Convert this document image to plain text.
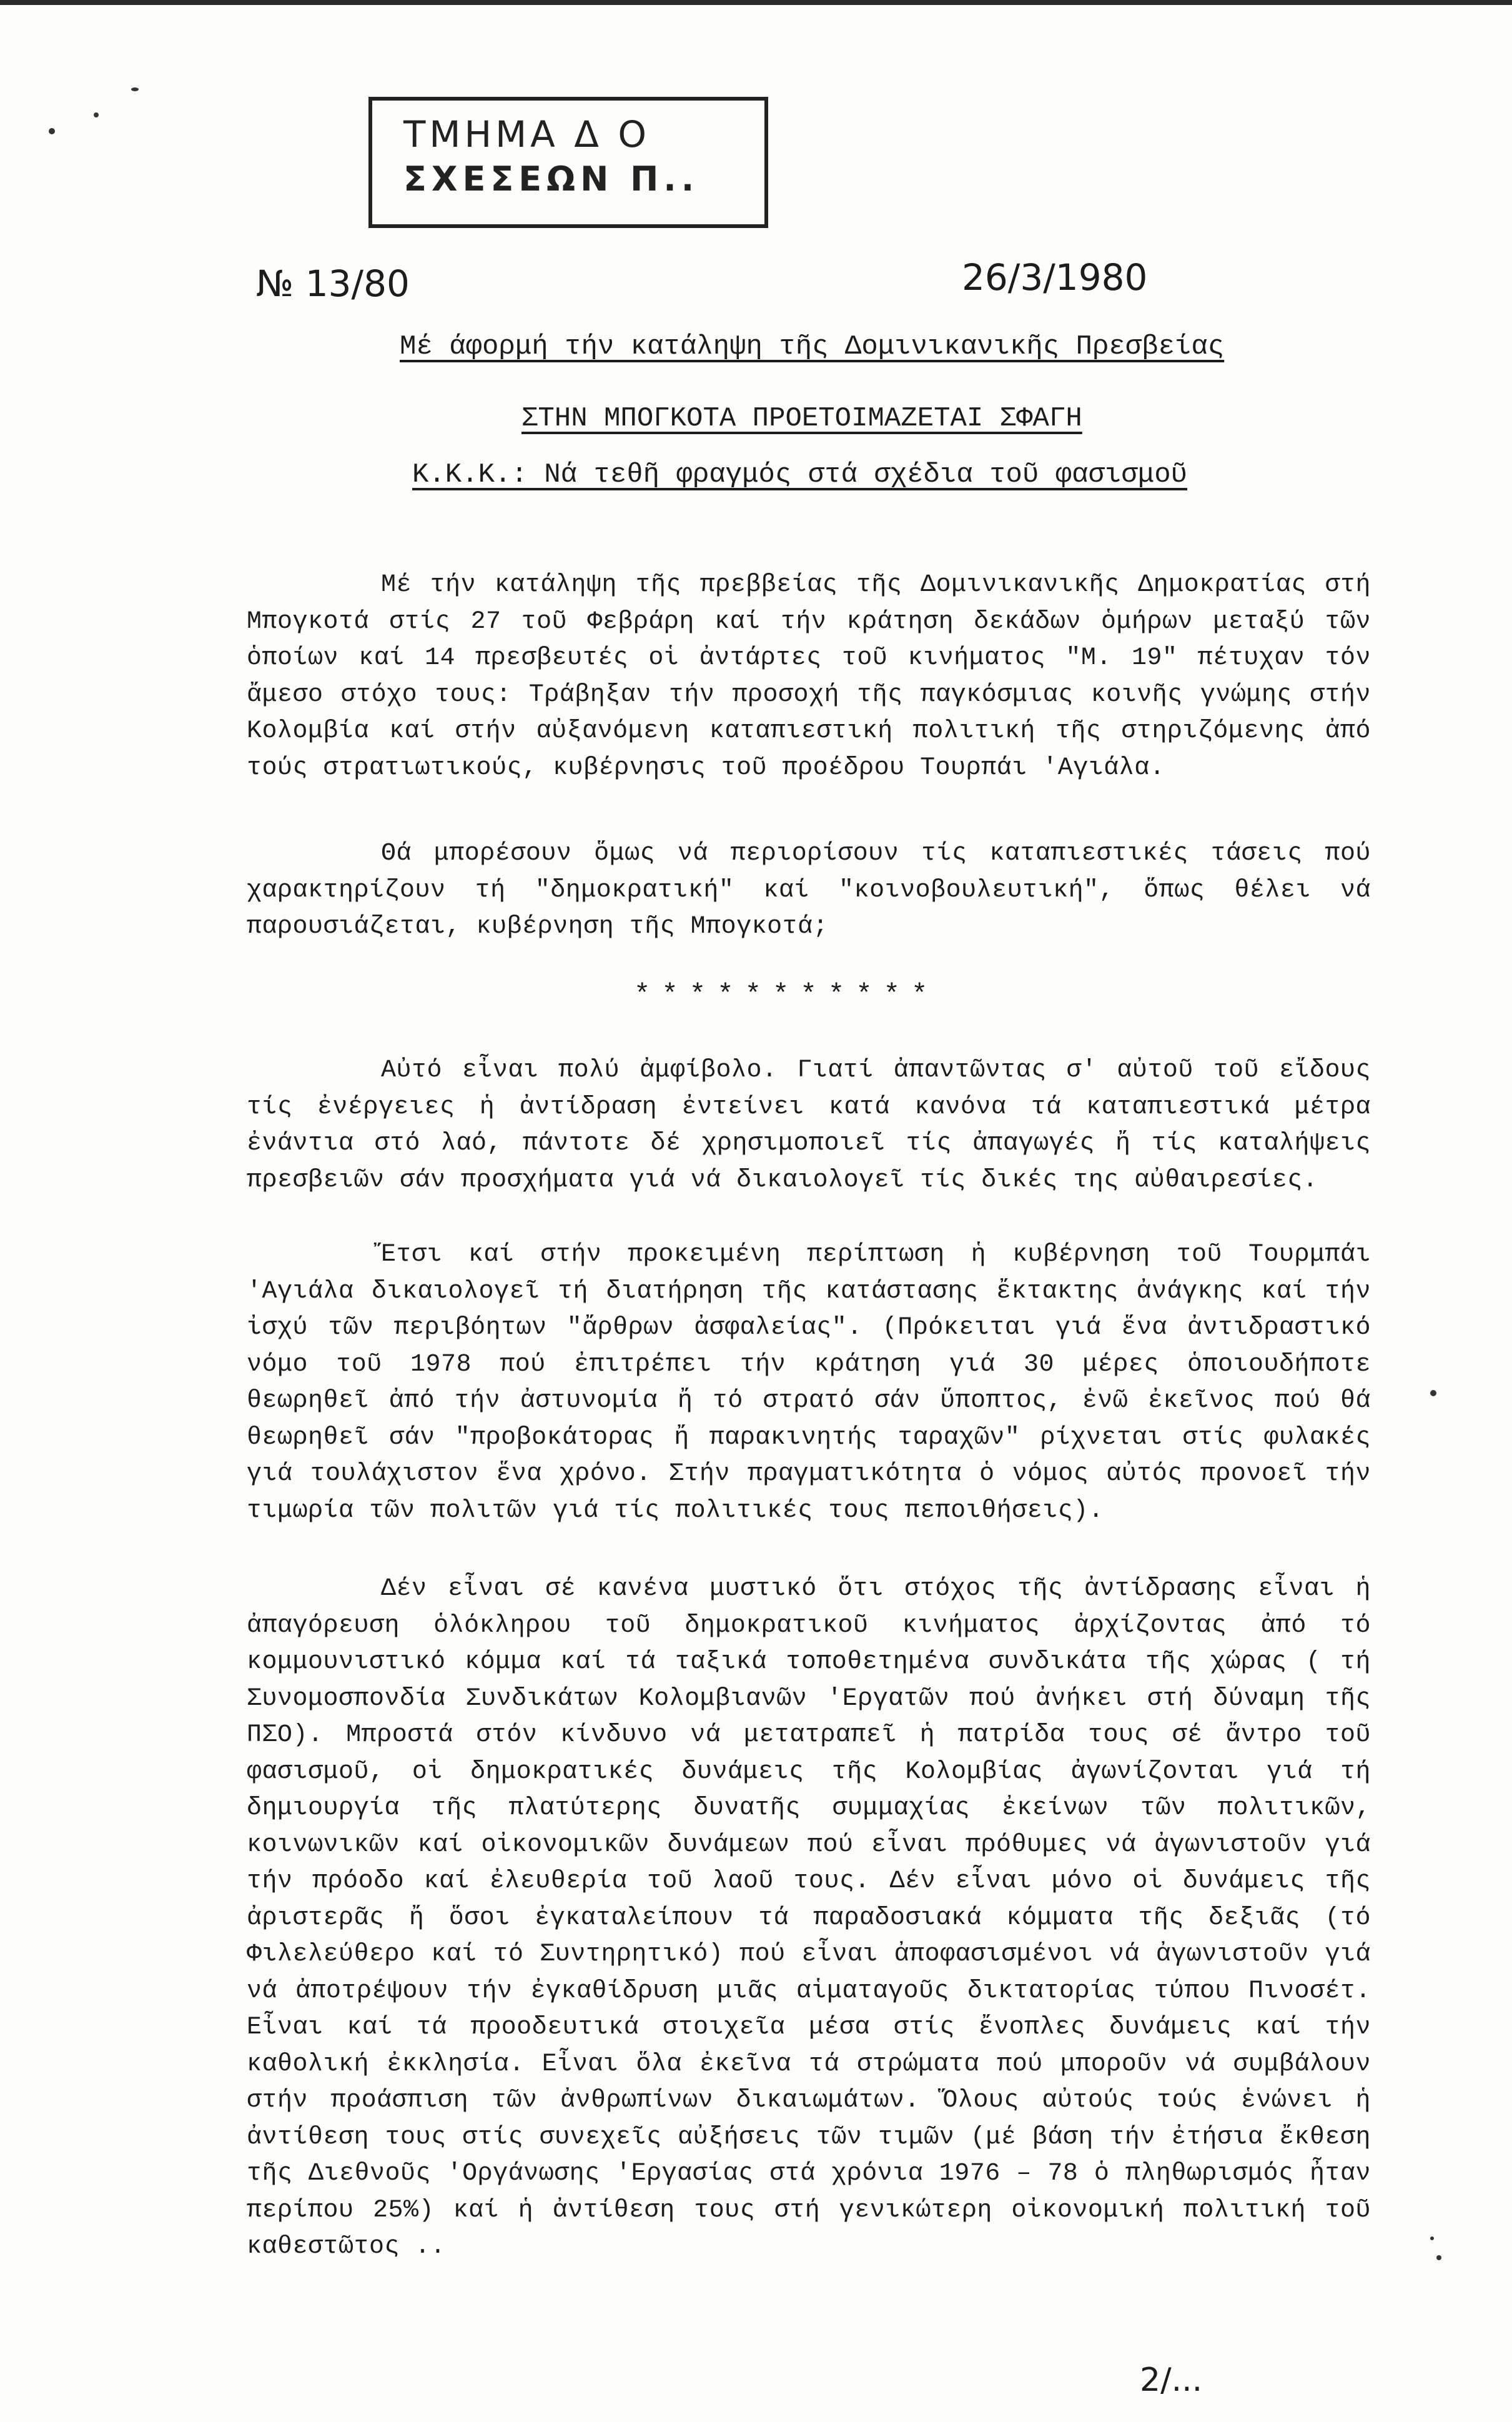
ΤΜΗΜΑ Δ Ο
ΣΧΕΣΕΩΝ Π..
№ 13/80	26/3/1980
Μέ άφορμή τήν κατάληψη τῆς Δομινικανικῆς Πρεσβείας
ΣΤΗΝ ΜΠΟΓΚΟΤΑ ΠΡΟΕΤΟΙΜΑΖΕΤΑΙ ΣΦΑΓΗ
Κ.Κ.Κ.: Νά τεθῆ φραγμός στά σχέδια τοῦ φασισμοῦ

Μέ τήν κατάληψη τῆς πρεββείας τῆς Δομινικανικῆς Δημοκρατίας στή Μπογκοτά στίς 27 τοῦ Φεβράρη καί τήν κράτηση δεκάδων ὁμήρων μεταξύ τῶν ὁποίων καί 14 πρεσβευτές οἱ ἀντάρτες τοῦ κινήματος "Μ. 19" πέτυχαν τόν ἄμεσο στόχο τους: Τράβηξαν τήν προσοχή τῆς παγκόσμιας κοινῆς γνώμης στήν Κολομβία καί στήν αὐξανόμενη καταπιεστική πολιτική τῆς στηριζόμενης ἀπό τούς στρατιωτικούς, κυβέρνησις τοῦ προέδρου Τουρπάι 'Αγιάλα.

Θά μπορέσουν ὅμως νά περιορίσουν τίς καταπιεστικές τάσεις πού χαρακτηρίζουν τή "δημοκρατική" καί "κοινοβουλευτική", ὅπως θέλει νά παρουσιάζεται, κυβέρνηση τῆς Μπογκοτά;

***********

Αὐτό εἶναι πολύ ἀμφίβολο. Γιατί ἀπαντῶντας σ' αὐτοῦ τοῦ εἴδους τίς ἐνέργειες ἡ ἀντίδραση ἐντείνει κατά κανόνα τά καταπιεστικά μέτρα ἐνάντια στό λαό, πάντοτε δέ χρησιμοποιεῖ τίς ἀπαγωγές ἤ τίς καταλήψεις πρεσβειῶν σάν προσχήματα γιά νά δικαιολογεῖ τίς δικές της αὐθαιρεσίες.

Ἔτσι καί στήν προκειμένη περίπτωση ἡ κυβέρνηση τοῦ Τουρμπάι 'Αγιάλα δικαιολογεῖ τή διατήρηση τῆς κατάστασης ἔκτακτης ἀνάγκης καί τήν ἰσχύ τῶν περιβόητων "ἄρθρων ἀσφαλείας". (Πρόκειται γιά ἕνα ἀντιδραστικό νόμο τοῦ 1978 πού ἐπιτρέπει τήν κράτηση γιά 30 μέρες ὁποιουδήποτε θεωρηθεῖ ἀπό τήν ἀστυνομία ἤ τό στρατό σάν ὕποπτος, ἐνῶ ἐκεῖνος πού θά θεωρηθεῖ σάν "προβοκάτορας ἤ παρακινητής ταραχῶν" ρίχνεται στίς φυλακές γιά τουλάχιστον ἕνα χρόνο. Στήν πραγματικότητα ὁ νόμος αὐτός προνοεῖ τήν τιμωρία τῶν πολιτῶν γιά τίς πολιτικές τους πεποιθήσεις).

Δέν εἶναι σέ κανένα μυστικό ὅτι στόχος τῆς ἀντίδρασης εἶναι ἡ ἀπαγόρευση ὁλόκληρου τοῦ δημοκρατικοῦ κινήματος ἀρχίζοντας ἀπό τό κομμουνιστικό κόμμα καί τά ταξικά τοποθετημένα συνδικάτα τῆς χώρας ( τή Συνομοσπονδία Συνδικάτων Κολομβιανῶν 'Εργατῶν πού ἀνήκει στή δύναμη τῆς ΠΣΟ). Μπροστά στόν κίνδυνο νά μετατραπεῖ ἡ πατρίδα τους σέ ἄντρο τοῦ φασισμοῦ, οἱ δημοκρατικές δυνάμεις τῆς Κολομβίας ἀγωνίζονται γιά τή δημιουργία τῆς πλατύτερης δυνατῆς συμμαχίας ἐκείνων τῶν πολιτικῶν, κοινωνικῶν καί οἰκονομικῶν δυνάμεων πού εἶναι πρόθυμες νά ἀγωνιστοῦν γιά τήν πρόοδο καί ἐλευθερία τοῦ λαοῦ τους. Δέν εἶναι μόνο οἱ δυνάμεις τῆς ἀριστερᾶς ἤ ὅσοι ἐγκαταλείπουν τά παραδοσιακά κόμματα τῆς δεξιᾶς (τό Φιλελεύθερο καί τό Συντηρητικό) πού εἶναι ἀποφασισμένοι νά ἀγωνιστοῦν γιά νά ἀποτρέψουν τήν ἐγκαθίδρυση μιᾶς αἱματαγοῦς δικτατορίας τύπου Πινοσέτ. Εἶναι καί τά προοδευτικά στοιχεῖα μέσα στίς ἔνοπλες δυνάμεις καί τήν καθολική ἐκκλησία. Εἶναι ὅλα ἐκεῖνα τά στρώματα πού μποροῦν νά συμβάλουν στήν προάσπιση τῶν ἀνθρωπίνων δικαιωμάτων. Ὅλους αὐτούς τούς ἑνώνει ἡ ἀντίθεση τους στίς συνεχεῖς αὐξήσεις τῶν τιμῶν (μέ βάση τήν ἐτήσια ἔκθεση τῆς Διεθνοῦς 'Οργάνωσης 'Εργασίας στά χρόνια 1976 – 78 ὁ πληθωρισμός ἦταν περίπου 25%) καί ἡ ἀντίθεση τους στή γενικώτερη οἰκονομική πολιτική τοῦ καθεστῶτος ..

2/...
